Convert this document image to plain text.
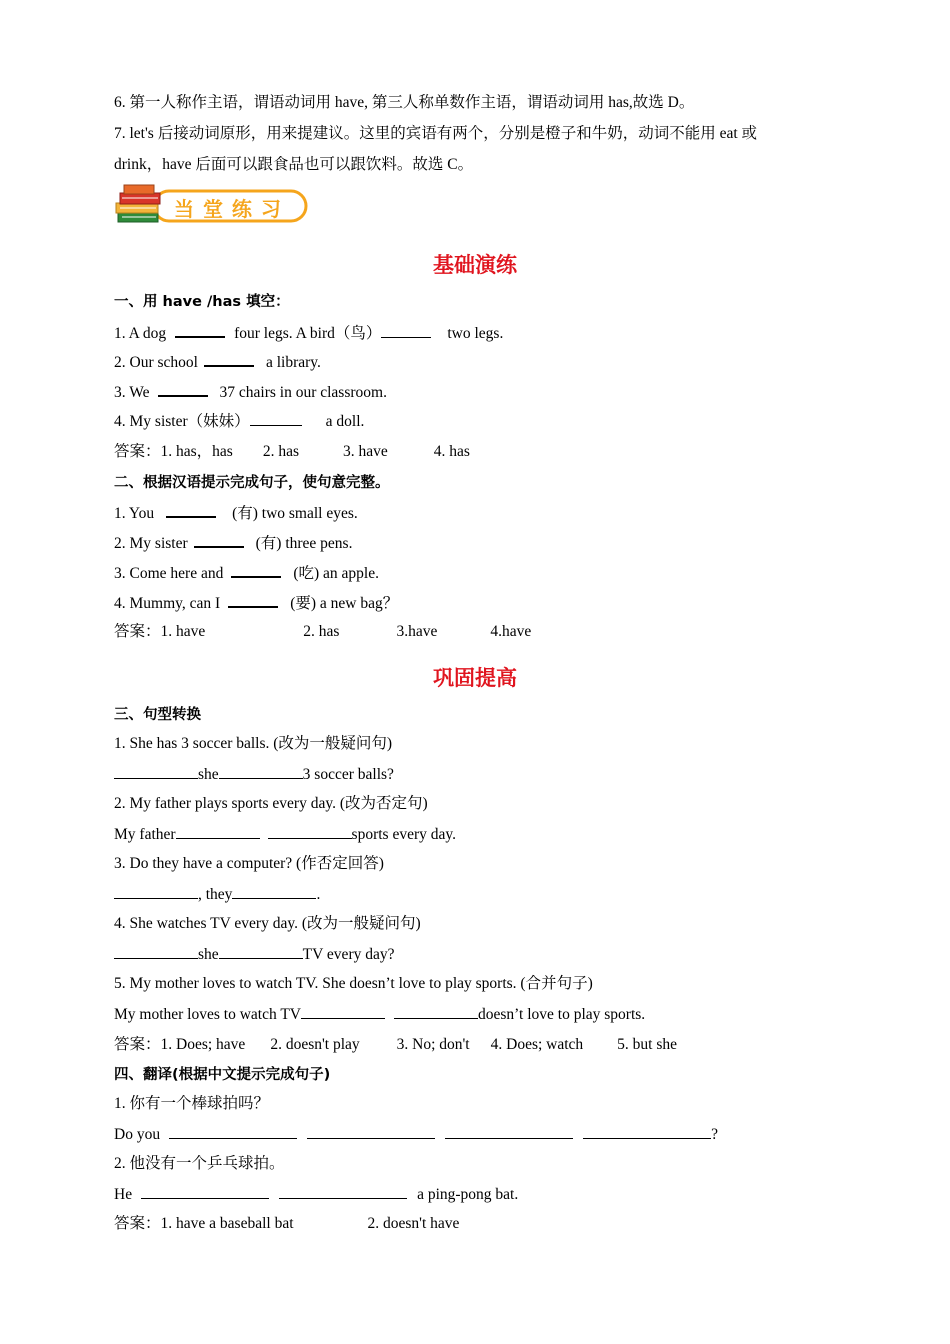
6. 第一人称作主语，谓语动词用 have, 第三人称单数作主语，谓语动词用 has,故选 D。
7. let's 后接动词原形，用来提建议。这里的宾语有两个，分别是橙子和牛奶，动词不能用 eat 或
drink，have 后面可以跟食品也可以跟饮料。故选 C。
当 堂 练 习
基础演练
一、用 have /has 填空：
1. A dog	four legs. A bird（鸟）	two legs.
2. Our school	a library.
3. We	37 chairs in our classroom.
4. My sister（妹妹）	a doll.
答案：1. has，has 2. has	3. have	4. has
二、根据汉语提示完成句子，使句意完整。
1. You	(有) two small eyes.
2. My sister	(有) three pens.
3. Come here and	(吃) an apple.
4. Mummy, can I	(要) a new bag？
答案：1. have	2. has	3.have	4.have
巩固提高
三、句型转换
1. She has 3 soccer balls. (改为一般疑问句)
she	3 soccer balls?
2. My father plays sports every day. (改为否定句)
My father	sports every day.
3. Do they have a computer? (作否定回答)
, they	.
4. She watches TV every day. (改为一般疑问句)
she	TV every day?
5. My mother loves to watch TV. She doesn’t love to play sports. (合并句子)
My mother loves to watch TV	doesn’t love to play sports.
答案：1. Does; have 2. doesn't play 3. No; don't 4. Does; watch 5. but she
四、翻译(根据中文提示完成句子)
1. 你有一个棒球拍吗？
Do you	?
2. 他没有一个乒乓球拍。
He	a ping-pong bat.
答案：1. have a baseball bat	2. doesn't have
